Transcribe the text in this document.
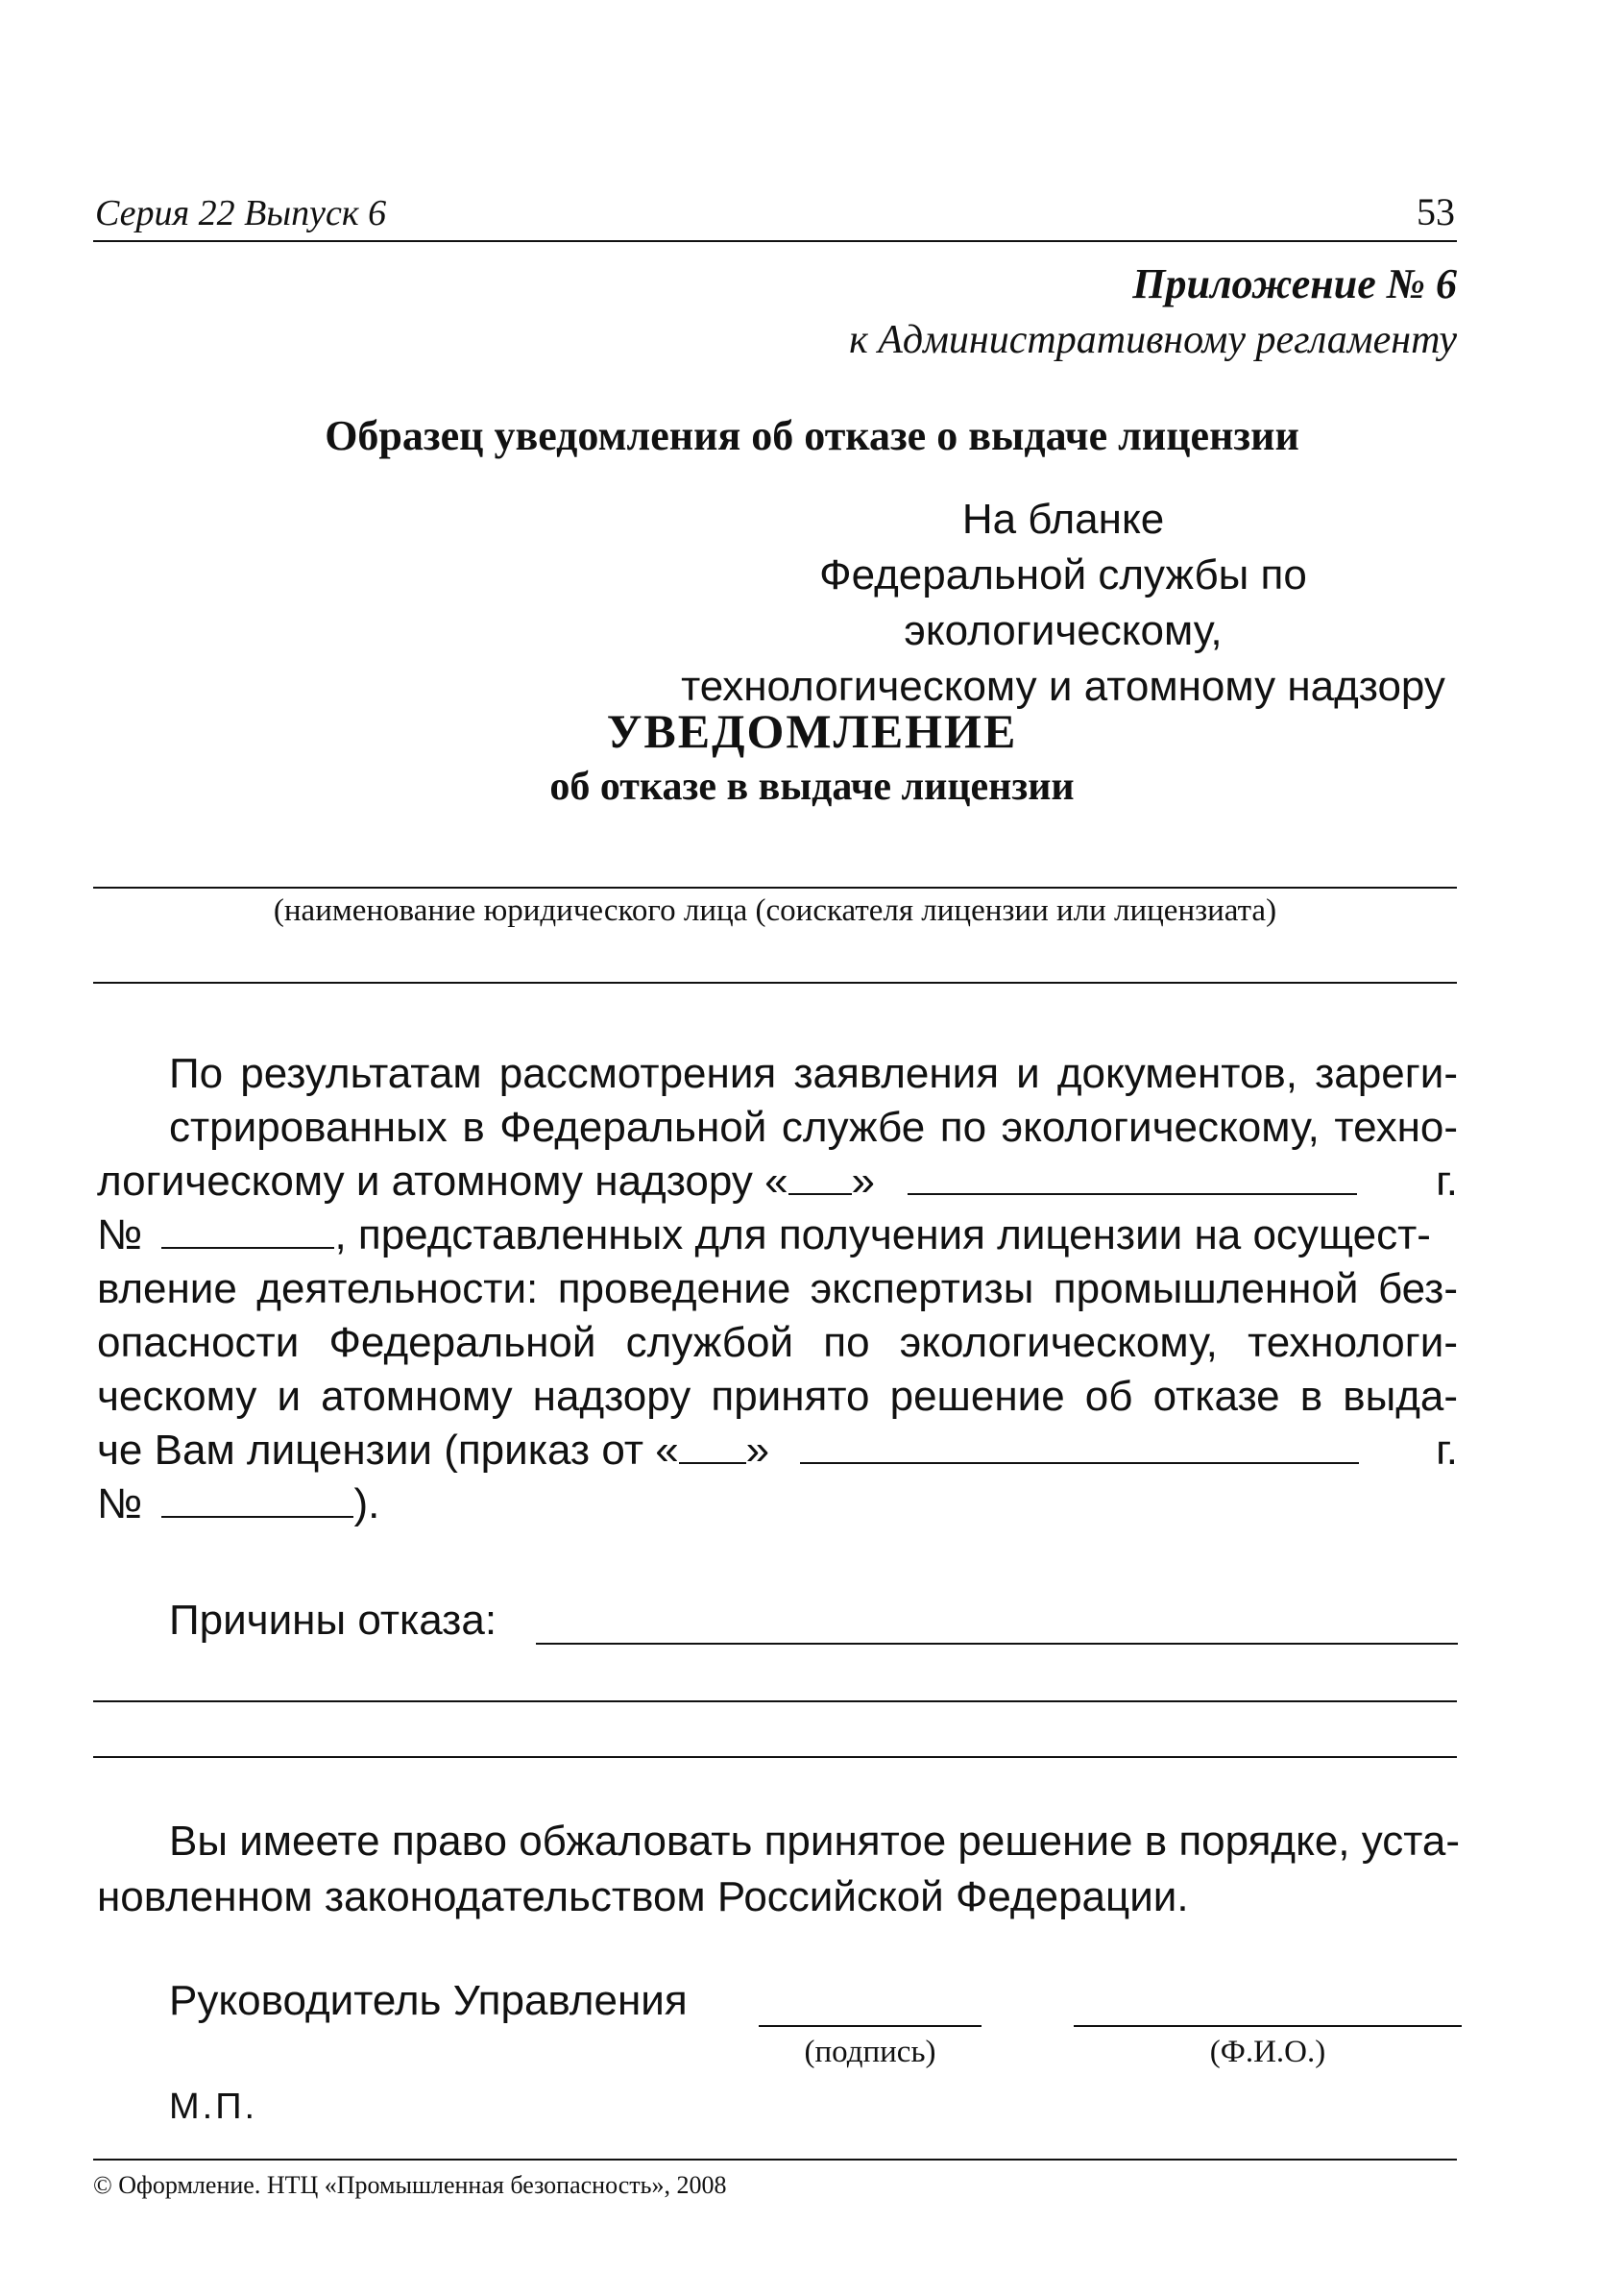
Серия 22 Выпуск 6	53
Приложение № 6
к Административному регламенту
Образец уведомления об отказе о выдаче лицензии
На бланке
Федеральной службы по экологическому,
технологическому и атомному надзору
УВЕДОМЛЕНИЕ
об отказе в выдаче лицензии
(наименование юридического лица (соискателя лицензии или лицензиата)
По результатам рассмотрения заявления и документов, зареги-
стрированных в Федеральной службе по экологическому, техно-
логическому и атомному надзору « »	г.
№	, представленных для получения лицензии на осущест-
вление деятельности: проведение экспертизы промышленной без-
опасности Федеральной службой по экологическому, технологи-
ческому и атомному надзору принято решение об отказе в выда-
че Вам лицензии (приказ от « »	г.
№	).
Причины отказа:
Вы имеете право обжаловать принятое решение в порядке, уста-
новленном законодательством Российской Федерации.
Руководитель Управления
(подпись)	(Ф.И.О.)
М.П.
© Оформление. НТЦ «Промышленная безопасность», 2008
